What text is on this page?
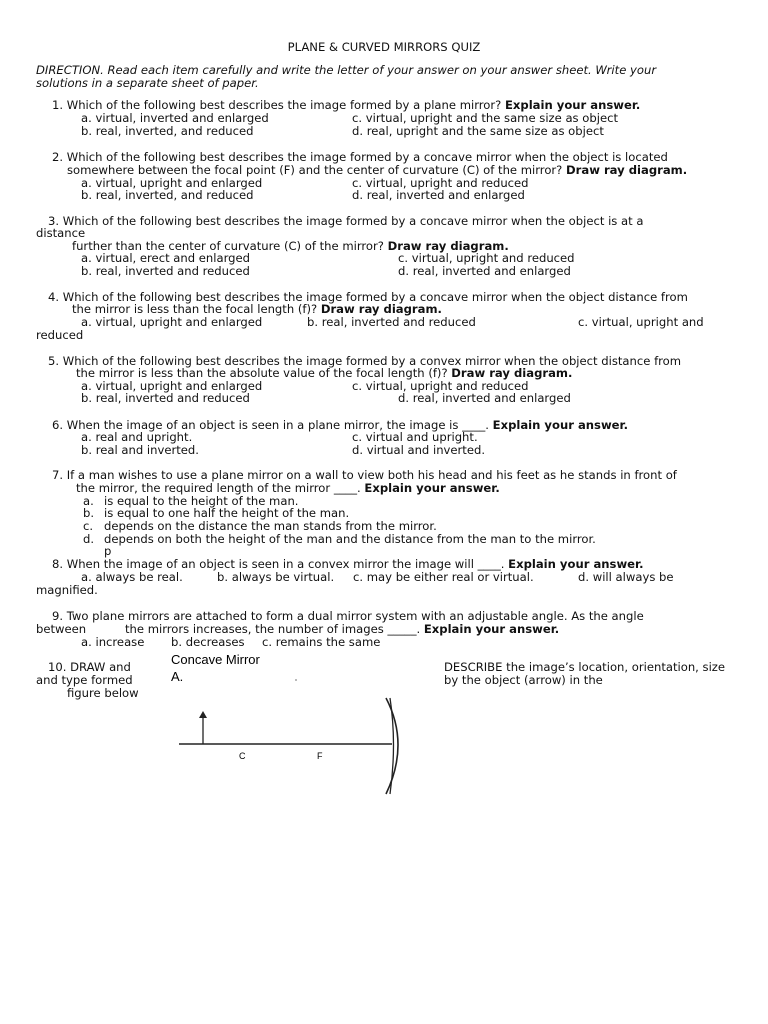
PLANE & CURVED MIRRORS QUIZ
DIRECTION. Read each item carefully and write the letter of your answer on your answer sheet. Write your
solutions in a separate sheet of paper.
1. Which of the following best describes the image formed by a plane mirror? Explain your answer.
a. virtual, inverted and enlarged	c. virtual, upright and the same size as object
b. real, inverted, and reduced	d. real, upright and the same size as object
2. Which of the following best describes the image formed by a concave mirror when the object is located
somewhere between the focal point (F) and the center of curvature (C) of the mirror? Draw ray diagram.
a. virtual, upright and enlarged	c. virtual, upright and reduced
b. real, inverted, and reduced	d. real, inverted and enlarged
3. Which of the following best describes the image formed by a concave mirror when the object is at a
distance
further than the center of curvature (C) of the mirror? Draw ray diagram.
a. virtual, erect and enlarged	c. virtual, upright and reduced
b. real, inverted and reduced	d. real, inverted and enlarged
4. Which of the following best describes the image formed by a concave mirror when the object distance from
the mirror is less than the focal length (f)? Draw ray diagram.
a. virtual, upright and enlarged	b. real, inverted and reduced	c. virtual, upright and
reduced
5. Which of the following best describes the image formed by a convex mirror when the object distance from
the mirror is less than the absolute value of the focal length (f)? Draw ray diagram.
a. virtual, upright and enlarged	c. virtual, upright and reduced
b. real, inverted and reduced	d. real, inverted and enlarged
6. When the image of an object is seen in a plane mirror, the image is ____. Explain your answer.
a. real and upright.	c. virtual and upright.
b. real and inverted.	d. virtual and inverted.
7. If a man wishes to use a plane mirror on a wall to view both his head and his feet as he stands in front of
the mirror, the required length of the mirror ____. Explain your answer.
a. is equal to the height of the man.
b. is equal to one half the height of the man.
c. depends on the distance the man stands from the mirror.
d. depends on both the height of the man and the distance from the man to the mirror.
p
8. When the image of an object is seen in a convex mirror the image will ____. Explain your answer.
a. always be real.	b. always be virtual. c. may be either real or virtual.	d. will always be
magnified.
9. Two plane mirrors are attached to form a dual mirror system with an adjustable angle. As the angle
between	the mirrors increases, the number of images _____. Explain your answer.
a. increase b. decreases c. remains the same
10. DRAW and
and type formed
figure below
DESCRIBE the image’s location, orientation, size
by the object (arrow) in the
Concave Mirror
A.
C	F
